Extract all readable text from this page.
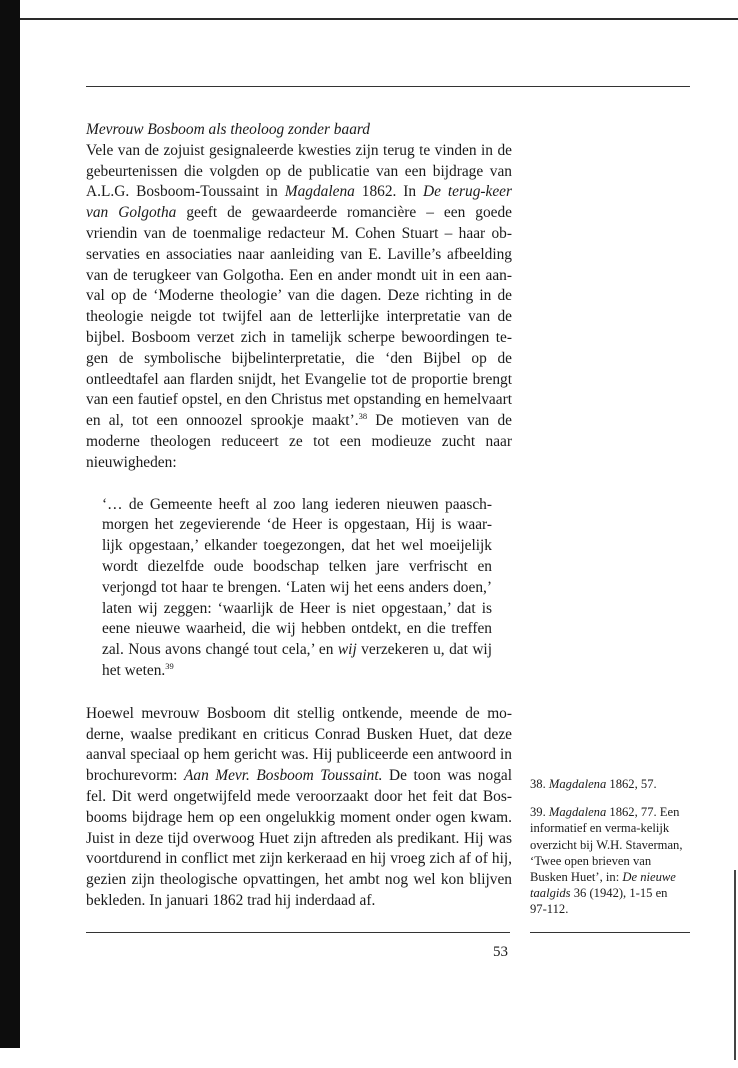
Mevrouw Bosboom als theoloog zonder baard

Vele van de zojuist gesignaleerde kwesties zijn terug te vinden in de gebeurtenissen die volgden op de publicatie van een bijdrage van A.L.G. Bosboom-Toussaint in Magdalena 1862. In De terug-keer van Golgotha geeft de gewaardeerde romancière – een goede vriendin van de toenmalige redacteur M. Cohen Stuart – haar ob-servaties en associaties naar aanleiding van E. Laville’s afbeelding van de terugkeer van Golgotha. Een en ander mondt uit in een aan-val op de ‘Moderne theologie’ van die dagen. Deze richting in de theologie neigde tot twijfel aan de letterlijke interpretatie van de bijbel. Bosboom verzet zich in tamelijk scherpe bewoordingen te-gen de symbolische bijbelinterpretatie, die ‘den Bijbel op de ontleedtafel aan flarden snijdt, het Evangelie tot de proportie brengt van een fautief opstel, en den Christus met opstanding en hemelvaart en al, tot een onnoozel sprookje maakt’.$^{38}$ De motieven van de moderne theologen reduceert ze tot een modieuze zucht naar nieuwigheden:

‘… de Gemeente heeft al zoo lang iederen nieuwen paasch-morgen het zegevierende ‘de Heer is opgestaan, Hij is waar-lijk opgestaan,’ elkander toegezongen, dat het wel moeijelijk wordt diezelfde oude boodschap telken jare verfrischt en verjongd tot haar te brengen. ‘Laten wij het eens anders doen,’ laten wij zeggen: ‘waarlijk de Heer is niet opgestaan,’ dat is eene nieuwe waarheid, die wij hebben ontdekt, en die treffen zal. Nous avons changé tout cela,’ en wij verzekeren u, dat wij het weten.$^{39}$

Hoewel mevrouw Bosboom dit stellig ontkende, meende de mo-derne, waalse predikant en criticus Conrad Busken Huet, dat deze aanval speciaal op hem gericht was. Hij publiceerde een antwoord in brochurevorm: Aan Mevr. Bosboom Toussaint. De toon was nogal fel. Dit werd ongetwijfeld mede veroorzaakt door het feit dat Bos-booms bijdrage hem op een ongelukkig moment onder ogen kwam. Juist in deze tijd overwoog Huet zijn aftreden als predikant. Hij was voortdurend in conflict met zijn kerkeraad en hij vroeg zich af of hij, gezien zijn theologische opvattingen, het ambt nog wel kon blijven bekleden. In januari 1862 trad hij inderdaad af.

38. Magdalena 1862, 57.

39. Magdalena 1862, 77. Een informatief en verma-kelijk overzicht bij W.H. Staverman, ‘Twee open brieven van Busken Huet’, in: De nieuwe taalgids 36 (1942), 1-15 en 97-112.

53
